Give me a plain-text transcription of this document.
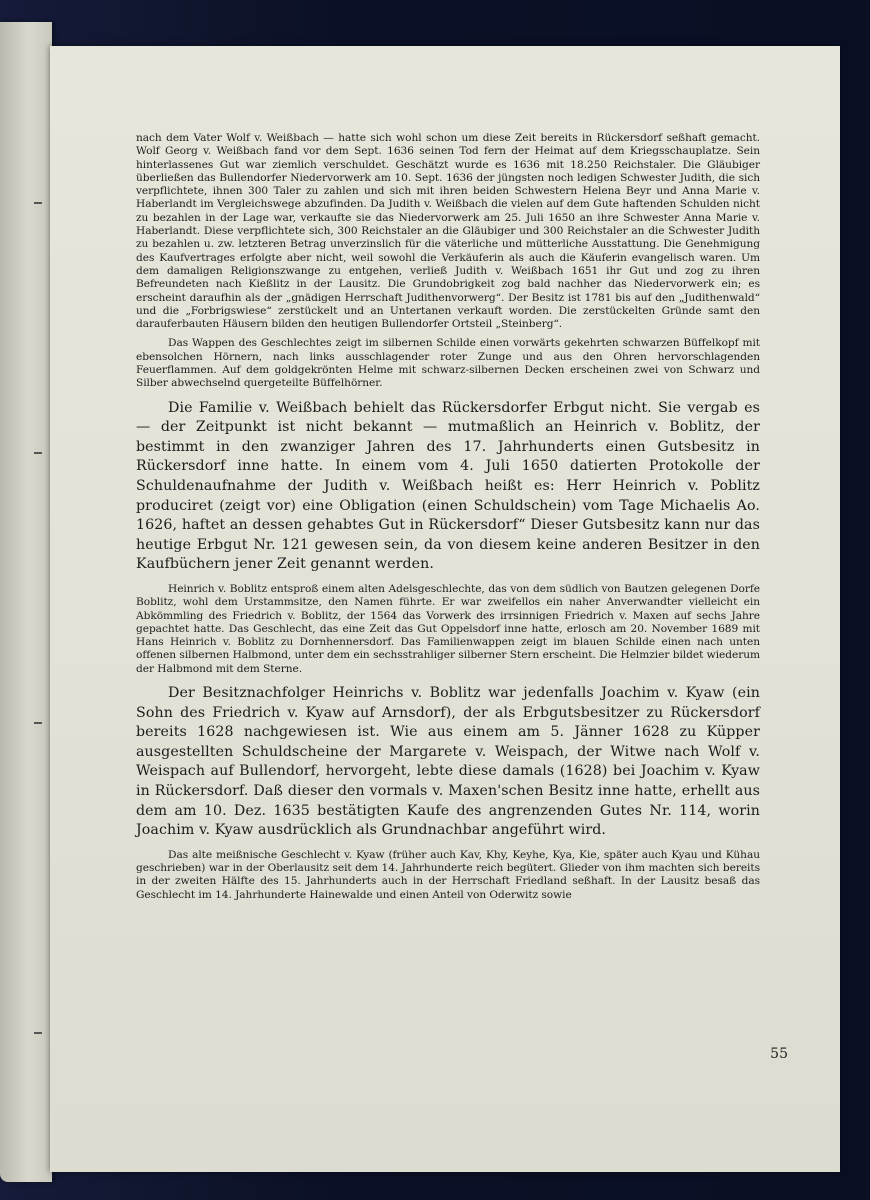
nach dem Vater Wolf v. Weißbach — hatte sich wohl schon um diese Zeit bereits in Rückersdorf seßhaft gemacht. Wolf Georg v. Weißbach fand vor dem Sept. 1636 seinen Tod fern der Heimat auf dem Kriegsschauplatze. Sein hinterlassenes Gut war ziemlich verschuldet. Geschätzt wurde es 1636 mit 18.250 Reichstaler. Die Gläubiger überließen das Bullendorfer Niedervorwerk am 10. Sept. 1636 der jüngsten noch ledigen Schwester Judith, die sich verpflichtete, ihnen 300 Taler zu zahlen und sich mit ihren beiden Schwestern Helena Beyr und Anna Marie v. Haberlandt im Vergleichswege abzufinden. Da Judith v. Weißbach die vielen auf dem Gute haftenden Schulden nicht zu bezahlen in der Lage war, verkaufte sie das Niedervorwerk am 25. Juli 1650 an ihre Schwester Anna Marie v. Haberlandt. Diese verpflichtete sich, 300 Reichstaler an die Gläubiger und 300 Reichstaler an die Schwester Judith zu bezahlen u. zw. letzteren Betrag unverzinslich für die väterliche und mütterliche Ausstattung. Die Genehmigung des Kaufvertrages erfolgte aber nicht, weil sowohl die Verkäuferin als auch die Käuferin evangelisch waren. Um dem damaligen Religionszwange zu entgehen, verließ Judith v. Weißbach 1651 ihr Gut und zog zu ihren Befreundeten nach Kießlitz in der Lausitz. Die Grundobrigkeit zog bald nachher das Niedervorwerk ein; es erscheint daraufhin als der „gnädigen Herrschaft Judithenvorwerg“. Der Besitz ist 1781 bis auf den „Judithenwald“ und die „Forbrigswiese“ zerstückelt und an Untertanen verkauft worden. Die zerstückelten Gründe samt den darauferbauten Häusern bilden den heutigen Bullendorfer Ortsteil „Steinberg“.

Das Wappen des Geschlechtes zeigt im silbernen Schilde einen vorwärts gekehrten schwarzen Büffelkopf mit ebensolchen Hörnern, nach links ausschlagender roter Zunge und aus den Ohren hervorschlagenden Feuerflammen. Auf dem goldgekrönten Helme mit schwarz-silbernen Decken erscheinen zwei von Schwarz und Silber abwechselnd quergeteilte Büffelhörner.

Die Familie v. Weißbach behielt das Rückersdorfer Erbgut nicht. Sie vergab es — der Zeitpunkt ist nicht bekannt — mutmaßlich an Heinrich v. Boblitz, der bestimmt in den zwanziger Jahren des 17. Jahrhunderts einen Gutsbesitz in Rückersdorf inne hatte. In einem vom 4. Juli 1650 datierten Protokolle der Schuldenaufnahme der Judith v. Weißbach heißt es: Herr Heinrich v. Poblitz produciret (zeigt vor) eine Obligation (einen Schuldschein) vom Tage Michaelis Ao. 1626, haftet an dessen gehabtes Gut in Rückersdorf“ Dieser Gutsbesitz kann nur das heutige Erbgut Nr. 121 gewesen sein, da von diesem keine anderen Besitzer in den Kaufbüchern jener Zeit genannt werden.

Heinrich v. Boblitz entsproß einem alten Adelsgeschlechte, das von dem südlich von Bautzen gelegenen Dorfe Boblitz, wohl dem Urstammsitze, den Namen führte. Er war zweifellos ein naher Anverwandter vielleicht ein Abkömmling des Friedrich v. Boblitz, der 1564 das Vorwerk des irrsinnigen Friedrich v. Maxen auf sechs Jahre gepachtet hatte. Das Geschlecht, das eine Zeit das Gut Oppelsdorf inne hatte, erlosch am 20. November 1689 mit Hans Heinrich v. Boblitz zu Dornhennersdorf. Das Familienwappen zeigt im blauen Schilde einen nach unten offenen silbernen Halbmond, unter dem ein sechsstrahliger silberner Stern erscheint. Die Helmzier bildet wiederum der Halbmond mit dem Sterne.

Der Besitznachfolger Heinrichs v. Boblitz war jedenfalls Joachim v. Kyaw (ein Sohn des Friedrich v. Kyaw auf Arnsdorf), der als Erbgutsbesitzer zu Rückersdorf bereits 1628 nachgewiesen ist. Wie aus einem am 5. Jänner 1628 zu Küpper ausgestellten Schuldscheine der Margarete v. Weispach, der Witwe nach Wolf v. Weispach auf Bullendorf, hervorgeht, lebte diese damals (1628) bei Joachim v. Kyaw in Rückersdorf. Daß dieser den vormals v. Maxen'schen Besitz inne hatte, erhellt aus dem am 10. Dez. 1635 bestätigten Kaufe des angrenzenden Gutes Nr. 114, worin Joachim v. Kyaw ausdrücklich als Grundnachbar angeführt wird.

Das alte meißnische Geschlecht v. Kyaw (früher auch Kav, Khy, Keyhe, Kya, Kie, später auch Kyau und Kühau geschrieben) war in der Oberlausitz seit dem 14. Jahrhunderte reich begütert. Glieder von ihm machten sich bereits in der zweiten Hälfte des 15. Jahrhunderts auch in der Herrschaft Friedland seßhaft. In der Lausitz besaß das Geschlecht im 14. Jahrhunderte Hainewalde und einen Anteil von Oderwitz sowie

55
